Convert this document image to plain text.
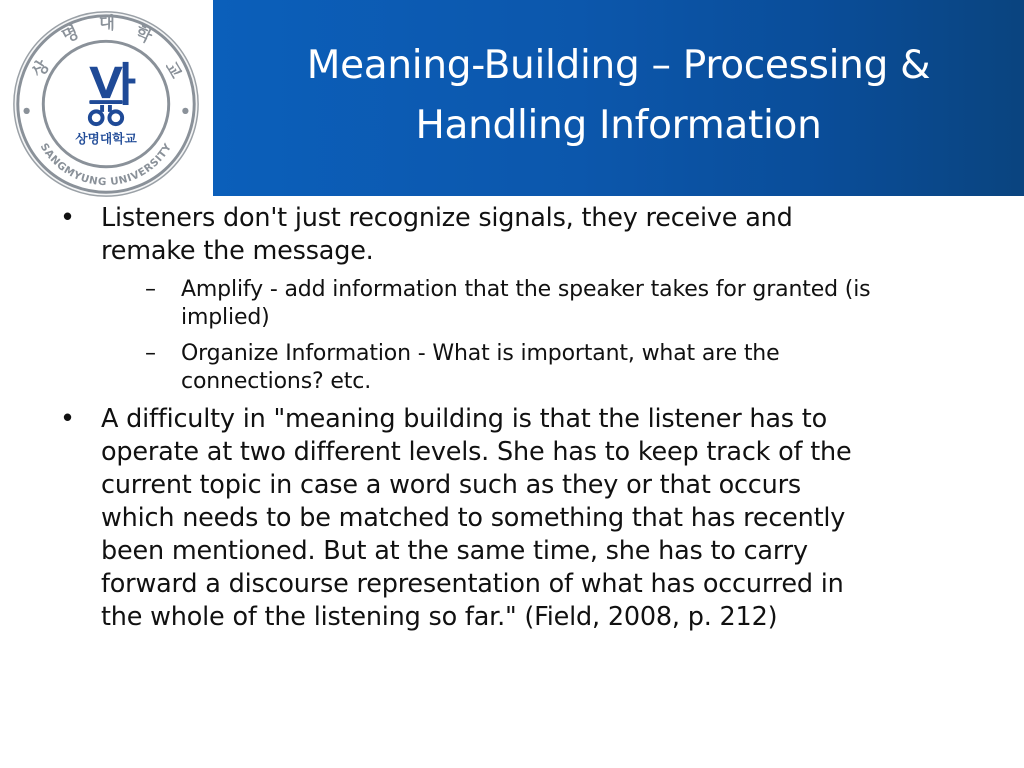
Meaning-Building – Processing &
Handling Information
상
명 대 학
교
SANGMYUNG UNIVERSITY
상명대학교
•	Listeners don't just recognize signals, they receive and
remake the message.
– Amplify - add information that the speaker takes for granted (is
implied)
– Organize Information - What is important, what are the
connections? etc.
•	A difficulty in "meaning building is that the listener has to
operate at two different levels. She has to keep track of the
current topic in case a word such as they or that occurs
which needs to be matched to something that has recently
been mentioned. But at the same time, she has to carry
forward a discourse representation of what has occurred in
the whole of the listening so far." (Field, 2008, p. 212)
